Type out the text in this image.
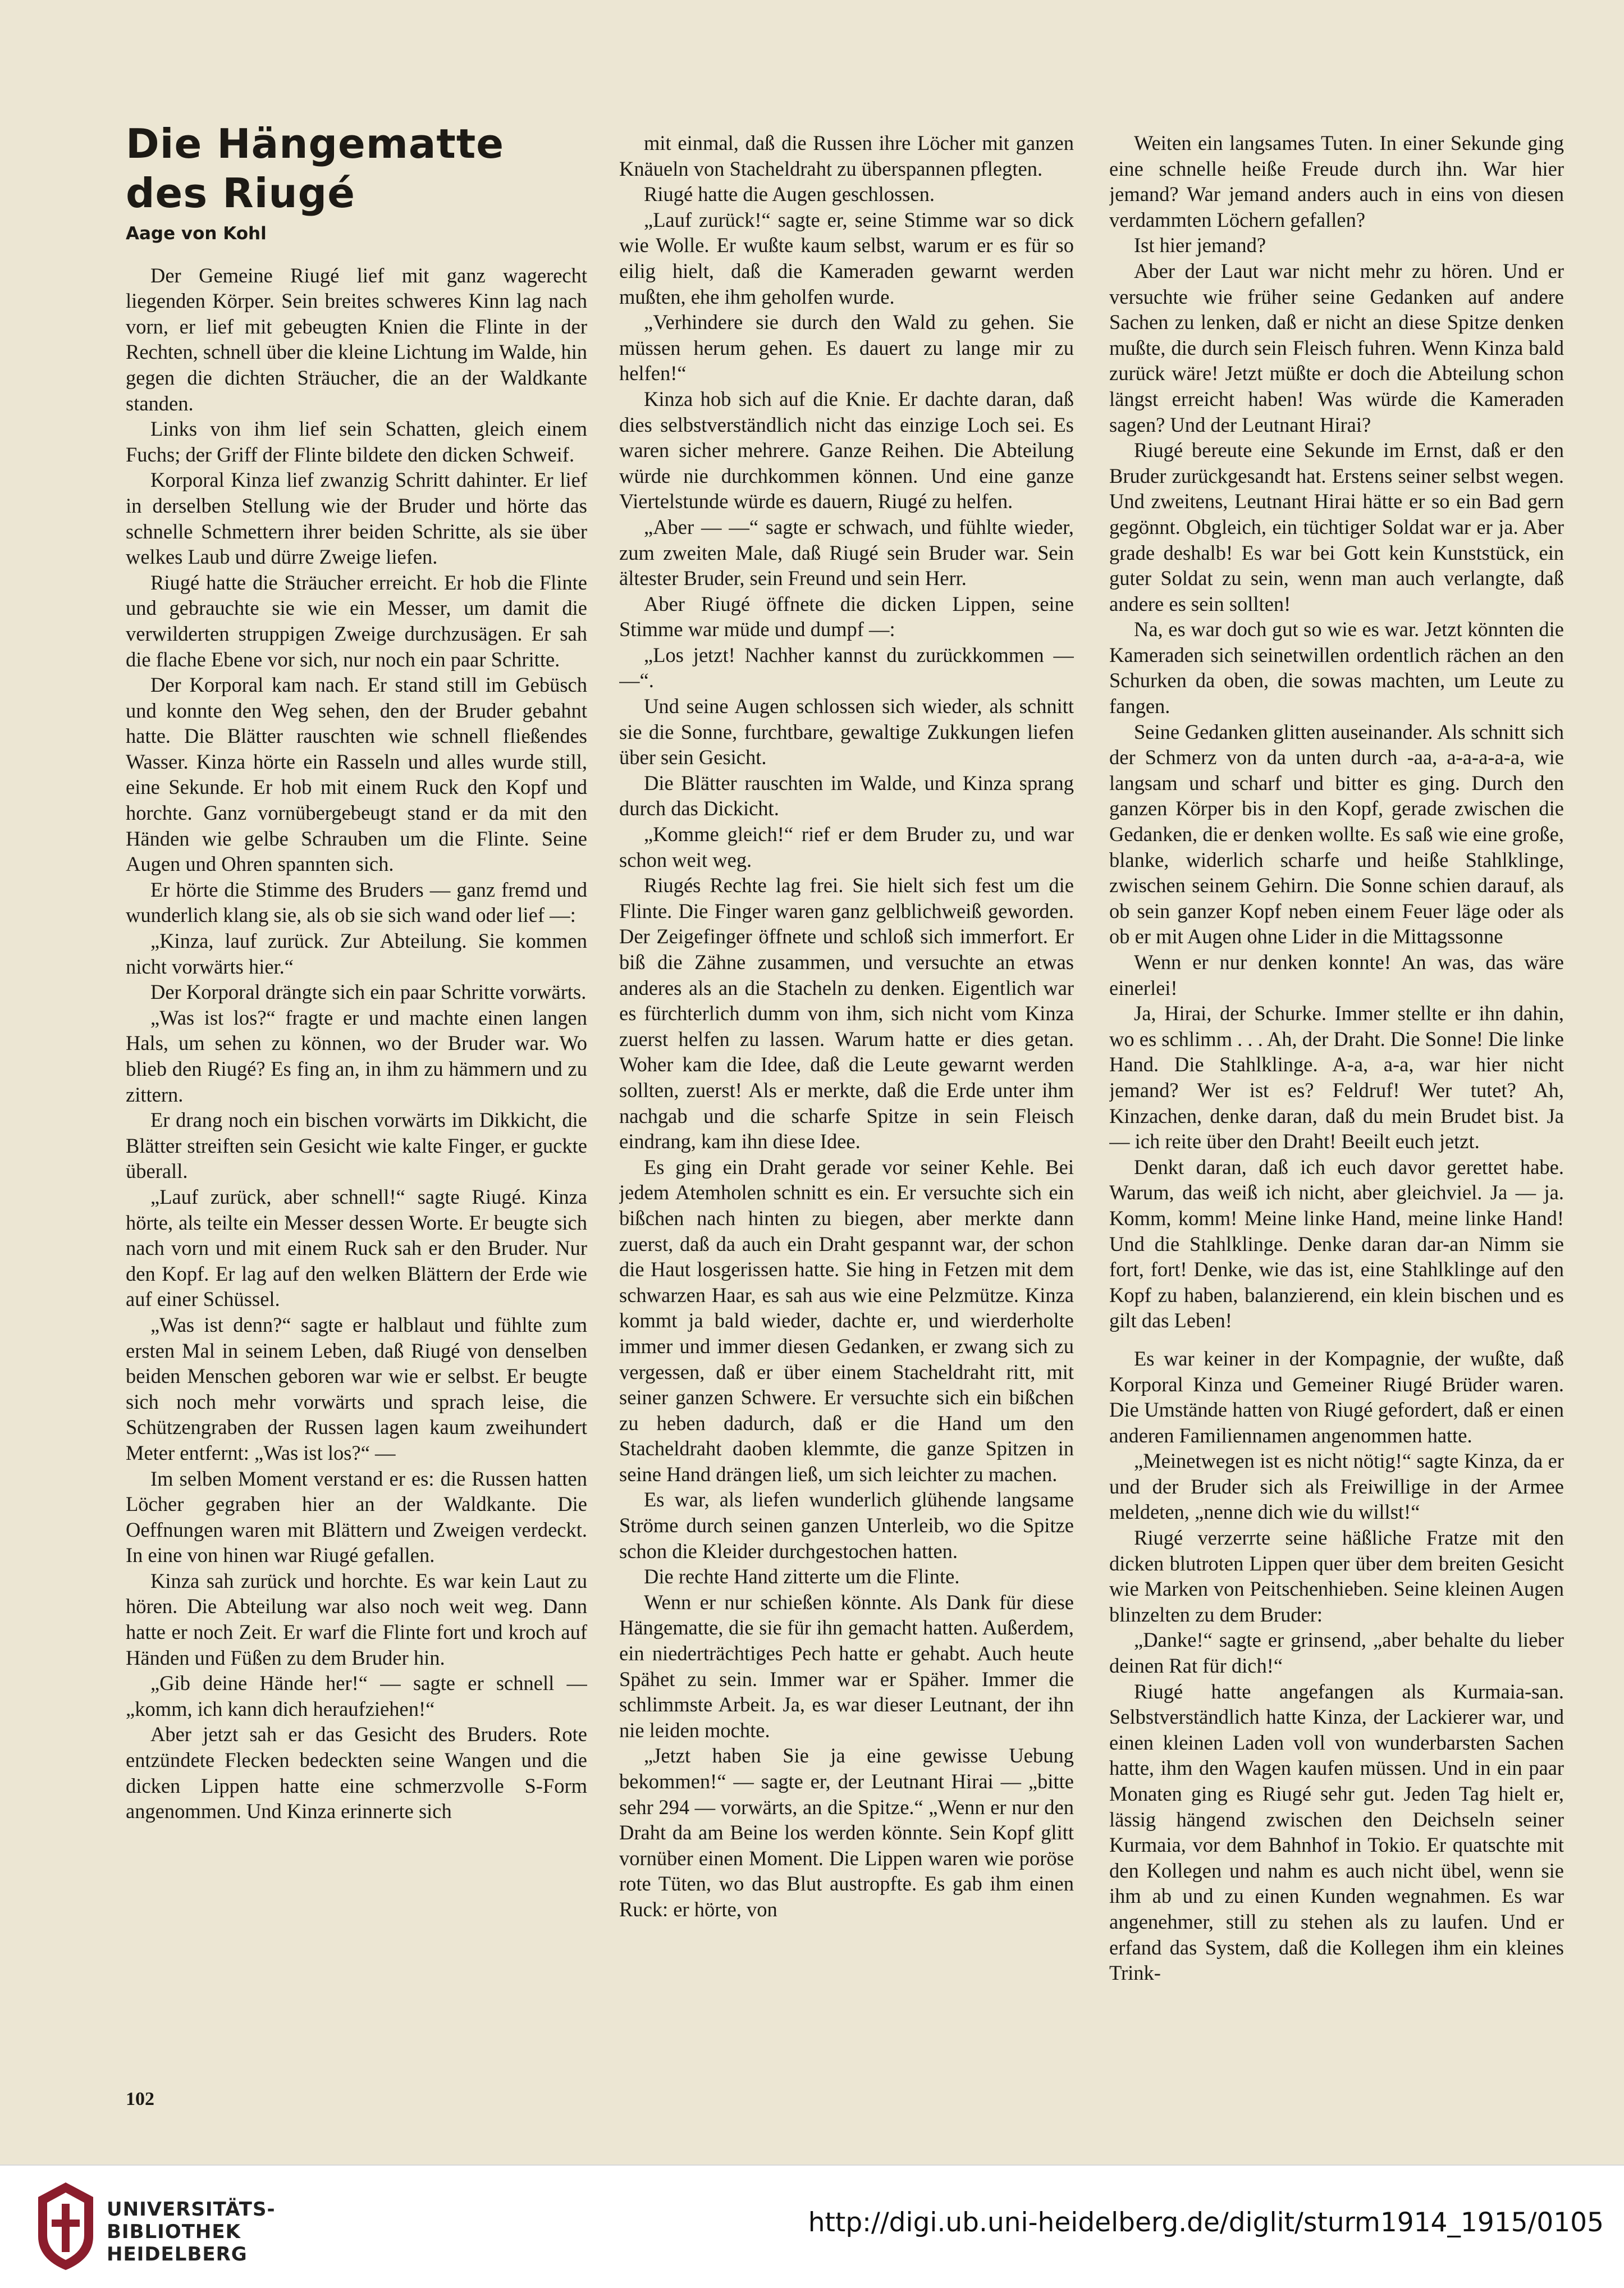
Die Hängematte des Riugé
Aage von Kohl

Der Gemeine Riugé lief mit ganz wagerecht liegenden Körper. Sein breites schweres Kinn lag nach vorn, er lief mit gebeugten Knien die Flinte in der Rechten, schnell über die kleine Lichtung im Walde, hin gegen die dichten Sträucher, die an der Waldkante standen.

Links von ihm lief sein Schatten, gleich einem Fuchs; der Griff der Flinte bildete den dicken Schweif.

Korporal Kinza lief zwanzig Schritt dahinter. Er lief in derselben Stellung wie der Bruder und hörte das schnelle Schmettern ihrer beiden Schritte, als sie über welkes Laub und dürre Zweige liefen.

Riugé hatte die Sträucher erreicht. Er hob die Flinte und gebrauchte sie wie ein Messer, um damit die verwilderten struppigen Zweige durchzusägen. Er sah die flache Ebene vor sich, nur noch ein paar Schritte.

Der Korporal kam nach. Er stand still im Gebüsch und konnte den Weg sehen, den der Bruder gebahnt hatte. Die Blätter rauschten wie schnell fließendes Wasser. Kinza hörte ein Rasseln und alles wurde still, eine Sekunde. Er hob mit einem Ruck den Kopf und horchte. Ganz vornübergebeugt stand er da mit den Händen wie gelbe Schrauben um die Flinte. Seine Augen und Ohren spannten sich.

Er hörte die Stimme des Bruders — ganz fremd und wunderlich klang sie, als ob sie sich wand oder lief —:

„Kinza, lauf zurück. Zur Abteilung. Sie kommen nicht vorwärts hier.“

Der Korporal drängte sich ein paar Schritte vorwärts.

„Was ist los?“ fragte er und machte einen langen Hals, um sehen zu können, wo der Bruder war. Wo blieb den Riugé? Es fing an, in ihm zu hämmern und zu zittern.

Er drang noch ein bischen vorwärts im Dikkicht, die Blätter streiften sein Gesicht wie kalte Finger, er guckte überall.

„Lauf zurück, aber schnell!“ sagte Riugé. Kinza hörte, als teilte ein Messer dessen Worte. Er beugte sich nach vorn und mit einem Ruck sah er den Bruder. Nur den Kopf. Er lag auf den welken Blättern der Erde wie auf einer Schüssel.

„Was ist denn?“ sagte er halblaut und fühlte zum ersten Mal in seinem Leben, daß Riugé von denselben beiden Menschen geboren war wie er selbst. Er beugte sich noch mehr vorwärts und sprach leise, die Schützengraben der Russen lagen kaum zweihundert Meter entfernt: „Was ist los?“ —

Im selben Moment verstand er es: die Russen hatten Löcher gegraben hier an der Waldkante. Die Oeffnungen waren mit Blättern und Zweigen verdeckt. In eine von hinen war Riugé gefallen.

Kinza sah zurück und horchte. Es war kein Laut zu hören. Die Abteilung war also noch weit weg. Dann hatte er noch Zeit. Er warf die Flinte fort und kroch auf Händen und Füßen zu dem Bruder hin.

„Gib deine Hände her!“ — sagte er schnell — „komm, ich kann dich heraufziehen!“

Aber jetzt sah er das Gesicht des Bruders. Rote entzündete Flecken bedeckten seine Wangen und die dicken Lippen hatte eine schmerzvolle S-Form angenommen. Und Kinza erinnerte sich

mit einmal, daß die Russen ihre Löcher mit ganzen Knäueln von Stacheldraht zu überspannen pflegten.

Riugé hatte die Augen geschlossen.

„Lauf zurück!“ sagte er, seine Stimme war so dick wie Wolle. Er wußte kaum selbst, warum er es für so eilig hielt, daß die Kameraden gewarnt werden mußten, ehe ihm geholfen wurde.

„Verhindere sie durch den Wald zu gehen. Sie müssen herum gehen. Es dauert zu lange mir zu helfen!“

Kinza hob sich auf die Knie. Er dachte daran, daß dies selbstverständlich nicht das einzige Loch sei. Es waren sicher mehrere. Ganze Reihen. Die Abteilung würde nie durchkommen können. Und eine ganze Viertelstunde würde es dauern, Riugé zu helfen.

„Aber — —“ sagte er schwach, und fühlte wieder, zum zweiten Male, daß Riugé sein Bruder war. Sein ältester Bruder, sein Freund und sein Herr.

Aber Riugé öffnete die dicken Lippen, seine Stimme war müde und dumpf —:

„Los jetzt! Nachher kannst du zurückkommen — —“.

Und seine Augen schlossen sich wieder, als schnitt sie die Sonne, furchtbare, gewaltige Zukkungen liefen über sein Gesicht.

Die Blätter rauschten im Walde, und Kinza sprang durch das Dickicht.

„Komme gleich!“ rief er dem Bruder zu, und war schon weit weg.

Riugés Rechte lag frei. Sie hielt sich fest um die Flinte. Die Finger waren ganz gelblichweiß geworden. Der Zeigefinger öffnete und schloß sich immerfort. Er biß die Zähne zusammen, und versuchte an etwas anderes als an die Stacheln zu denken. Eigentlich war es fürchterlich dumm von ihm, sich nicht vom Kinza zuerst helfen zu lassen. Warum hatte er dies getan. Woher kam die Idee, daß die Leute gewarnt werden sollten, zuerst! Als er merkte, daß die Erde unter ihm nachgab und die scharfe Spitze in sein Fleisch eindrang, kam ihn diese Idee.

Es ging ein Draht gerade vor seiner Kehle. Bei jedem Atemholen schnitt es ein. Er versuchte sich ein bißchen nach hinten zu biegen, aber merkte dann zuerst, daß da auch ein Draht gespannt war, der schon die Haut losgerissen hatte. Sie hing in Fetzen mit dem schwarzen Haar, es sah aus wie eine Pelzmütze. Kinza kommt ja bald wieder, dachte er, und wierderholte immer und immer diesen Gedanken, er zwang sich zu vergessen, daß er über einem Stacheldraht ritt, mit seiner ganzen Schwere. Er versuchte sich ein bißchen zu heben dadurch, daß er die Hand um den Stacheldraht daoben klemmte, die ganze Spitzen in seine Hand drängen ließ, um sich leichter zu machen.

Es war, als liefen wunderlich glühende langsame Ströme durch seinen ganzen Unterleib, wo die Spitze schon die Kleider durchgestochen hatten.

Die rechte Hand zitterte um die Flinte.

Wenn er nur schießen könnte. Als Dank für diese Hängematte, die sie für ihn gemacht hatten. Außerdem, ein niederträchtiges Pech hatte er gehabt. Auch heute Spähet zu sein. Immer war er Späher. Immer die schlimmste Arbeit. Ja, es war dieser Leutnant, der ihn nie leiden mochte.

„Jetzt haben Sie ja eine gewisse Uebung bekommen!“ — sagte er, der Leutnant Hirai — „bitte sehr 294 — vorwärts, an die Spitze.“ „Wenn er nur den Draht da am Beine los werden könnte. Sein Kopf glitt vornüber einen Moment. Die Lippen waren wie poröse rote Tüten, wo das Blut austropfte. Es gab ihm einen Ruck: er hörte, von

Weiten ein langsames Tuten. In einer Sekunde ging eine schnelle heiße Freude durch ihn. War hier jemand? War jemand anders auch in eins von diesen verdammten Löchern gefallen?

Ist hier jemand?

Aber der Laut war nicht mehr zu hören. Und er versuchte wie früher seine Gedanken auf andere Sachen zu lenken, daß er nicht an diese Spitze denken mußte, die durch sein Fleisch fuhren. Wenn Kinza bald zurück wäre! Jetzt müßte er doch die Abteilung schon längst erreicht haben! Was würde die Kameraden sagen? Und der Leutnant Hirai?

Riugé bereute eine Sekunde im Ernst, daß er den Bruder zurückgesandt hat. Erstens seiner selbst wegen. Und zweitens, Leutnant Hirai hätte er so ein Bad gern gegönnt. Obgleich, ein tüchtiger Soldat war er ja. Aber grade deshalb! Es war bei Gott kein Kunststück, ein guter Soldat zu sein, wenn man auch verlangte, daß andere es sein sollten!

Na, es war doch gut so wie es war. Jetzt könnten die Kameraden sich seinetwillen ordentlich rächen an den Schurken da oben, die sowas machten, um Leute zu fangen.

Seine Gedanken glitten auseinander. Als schnitt sich der Schmerz von da unten durch -aa, a-a-a-a-a, wie langsam und scharf und bitter es ging. Durch den ganzen Körper bis in den Kopf, gerade zwischen die Gedanken, die er denken wollte. Es saß wie eine große, blanke, widerlich scharfe und heiße Stahlklinge, zwischen seinem Gehirn. Die Sonne schien darauf, als ob sein ganzer Kopf neben einem Feuer läge oder als ob er mit Augen ohne Lider in die Mittagssonne

Wenn er nur denken konnte! An was, das wäre einerlei!

Ja, Hirai, der Schurke. Immer stellte er ihn dahin, wo es schlimm . . . Ah, der Draht. Die Sonne! Die linke Hand. Die Stahlklinge. A-a, a-a, war hier nicht jemand? Wer ist es? Feldruf! Wer tutet? Ah, Kinzachen, denke daran, daß du mein Brudet bist. Ja — ich reite über den Draht! Beeilt euch jetzt.

Denkt daran, daß ich euch davor gerettet habe. Warum, das weiß ich nicht, aber gleichviel. Ja — ja. Komm, komm! Meine linke Hand, meine linke Hand! Und die Stahlklinge. Denke daran dar-an Nimm sie fort, fort! Denke, wie das ist, eine Stahlklinge auf den Kopf zu haben, balanzierend, ein klein bischen und es gilt das Leben!

Es war keiner in der Kompagnie, der wußte, daß Korporal Kinza und Gemeiner Riugé Brüder waren. Die Umstände hatten von Riugé gefordert, daß er einen anderen Familiennamen angenommen hatte.

„Meinetwegen ist es nicht nötig!“ sagte Kinza, da er und der Bruder sich als Freiwillige in der Armee meldeten, „nenne dich wie du willst!“

Riugé verzerrte seine häßliche Fratze mit den dicken blutroten Lippen quer über dem breiten Gesicht wie Marken von Peitschenhieben. Seine kleinen Augen blinzelten zu dem Bruder:

„Danke!“ sagte er grinsend, „aber behalte du lieber deinen Rat für dich!“

Riugé hatte angefangen als Kurmaia-san. Selbstverständlich hatte Kinza, der Lackierer war, und einen kleinen Laden voll von wunderbarsten Sachen hatte, ihm den Wagen kaufen müssen. Und in ein paar Monaten ging es Riugé sehr gut. Jeden Tag hielt er, lässig hängend zwischen den Deichseln seiner Kurmaia, vor dem Bahnhof in Tokio. Er quatschte mit den Kollegen und nahm es auch nicht übel, wenn sie ihm ab und zu einen Kunden wegnahmen. Es war angenehmer, still zu stehen als zu laufen. Und er erfand das System, daß die Kollegen ihm ein kleines Trink-

102
UNIVERSITÄTS-
BIBLIOTHEK
HEIDELBERG
http://digi.ub.uni-heidelberg.de/diglit/sturm1914_1915/0105
